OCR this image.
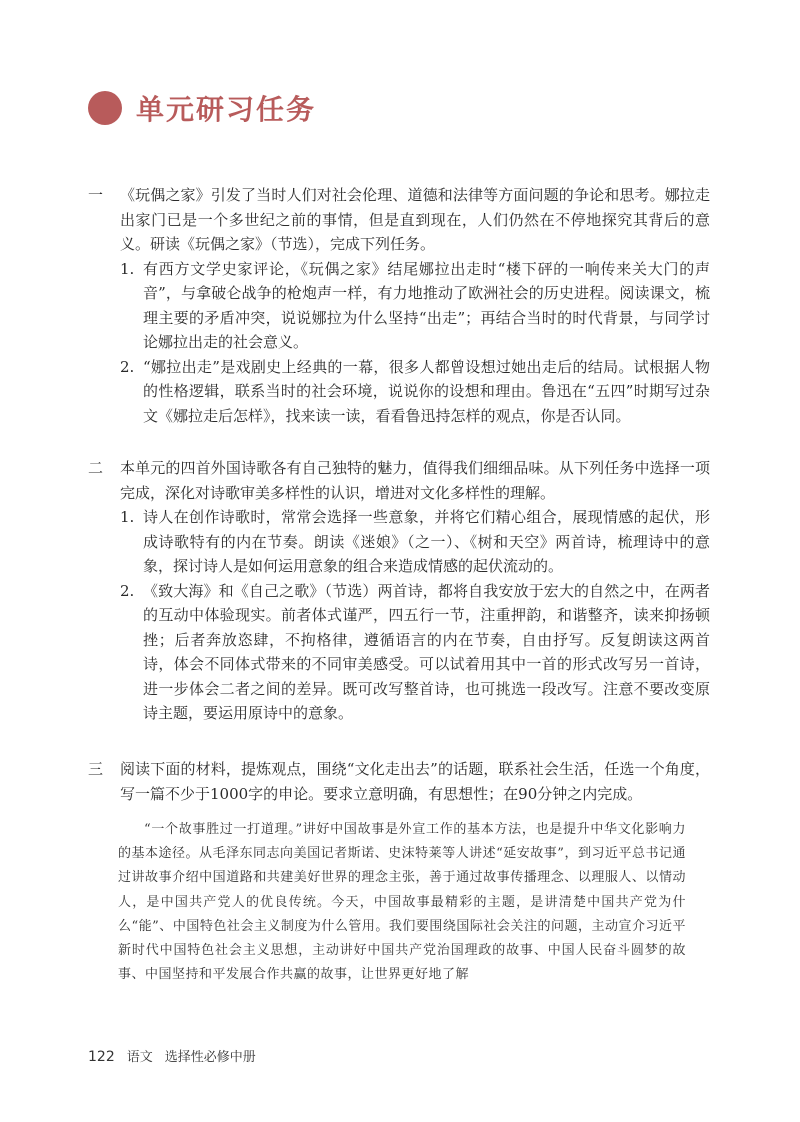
单元研习任务

一 《玩偶之家》引发了当时人们对社会伦理、道德和法律等方面问题的争论和思考。娜拉走出家门已是一个多世纪之前的事情，但是直到现在，人们仍然在不停地探究其背后的意义。研读《玩偶之家》（节选），完成下列任务。

1. 有西方文学史家评论，《玩偶之家》结尾娜拉出走时“楼下砰的一响传来关大门的声音”，与拿破仑战争的枪炮声一样，有力地推动了欧洲社会的历史进程。阅读课文，梳理主要的矛盾冲突，说说娜拉为什么坚持“出走”；再结合当时的时代背景，与同学讨论娜拉出走的社会意义。

2. “娜拉出走”是戏剧史上经典的一幕，很多人都曾设想过她出走后的结局。试根据人物的性格逻辑，联系当时的社会环境，说说你的设想和理由。鲁迅在“五四”时期写过杂文《娜拉走后怎样》，找来读一读，看看鲁迅持怎样的观点，你是否认同。

二 本单元的四首外国诗歌各有自己独特的魅力，值得我们细细品味。从下列任务中选择一项完成，深化对诗歌审美多样性的认识，增进对文化多样性的理解。

1. 诗人在创作诗歌时，常常会选择一些意象，并将它们精心组合，展现情感的起伏，形成诗歌特有的内在节奏。朗读《迷娘》（之一）、《树和天空》两首诗，梳理诗中的意象，探讨诗人是如何运用意象的组合来造成情感的起伏流动的。

2. 《致大海》和《自己之歌》（节选）两首诗，都将自我安放于宏大的自然之中，在两者的互动中体验现实。前者体式谨严，四五行一节，注重押韵，和谐整齐，读来抑扬顿挫；后者奔放恣肆，不拘格律，遵循语言的内在节奏，自由抒写。反复朗读这两首诗，体会不同体式带来的不同审美感受。可以试着用其中一首的形式改写另一首诗，进一步体会二者之间的差异。既可改写整首诗，也可挑选一段改写。注意不要改变原诗主题，要运用原诗中的意象。

三 阅读下面的材料，提炼观点，围绕“文化走出去”的话题，联系社会生活，任选一个角度，写一篇不少于1000字的申论。要求立意明确，有思想性；在90分钟之内完成。

“一个故事胜过一打道理。”讲好中国故事是外宣工作的基本方法，也是提升中华文化影响力的基本途径。从毛泽东同志向美国记者斯诺、史沫特莱等人讲述“延安故事”，到习近平总书记通过讲故事介绍中国道路和共建美好世界的理念主张，善于通过故事传播理念、以理服人、以情动人，是中国共产党人的优良传统。今天，中国故事最精彩的主题，是讲清楚中国共产党为什么“能”、中国特色社会主义制度为什么管用。我们要围绕国际社会关注的问题，主动宣介习近平新时代中国特色社会主义思想，主动讲好中国共产党治国理政的故事、中国人民奋斗圆梦的故事、中国坚持和平发展合作共赢的故事，让世界更好地了解

122 语文 选择性必修中册
